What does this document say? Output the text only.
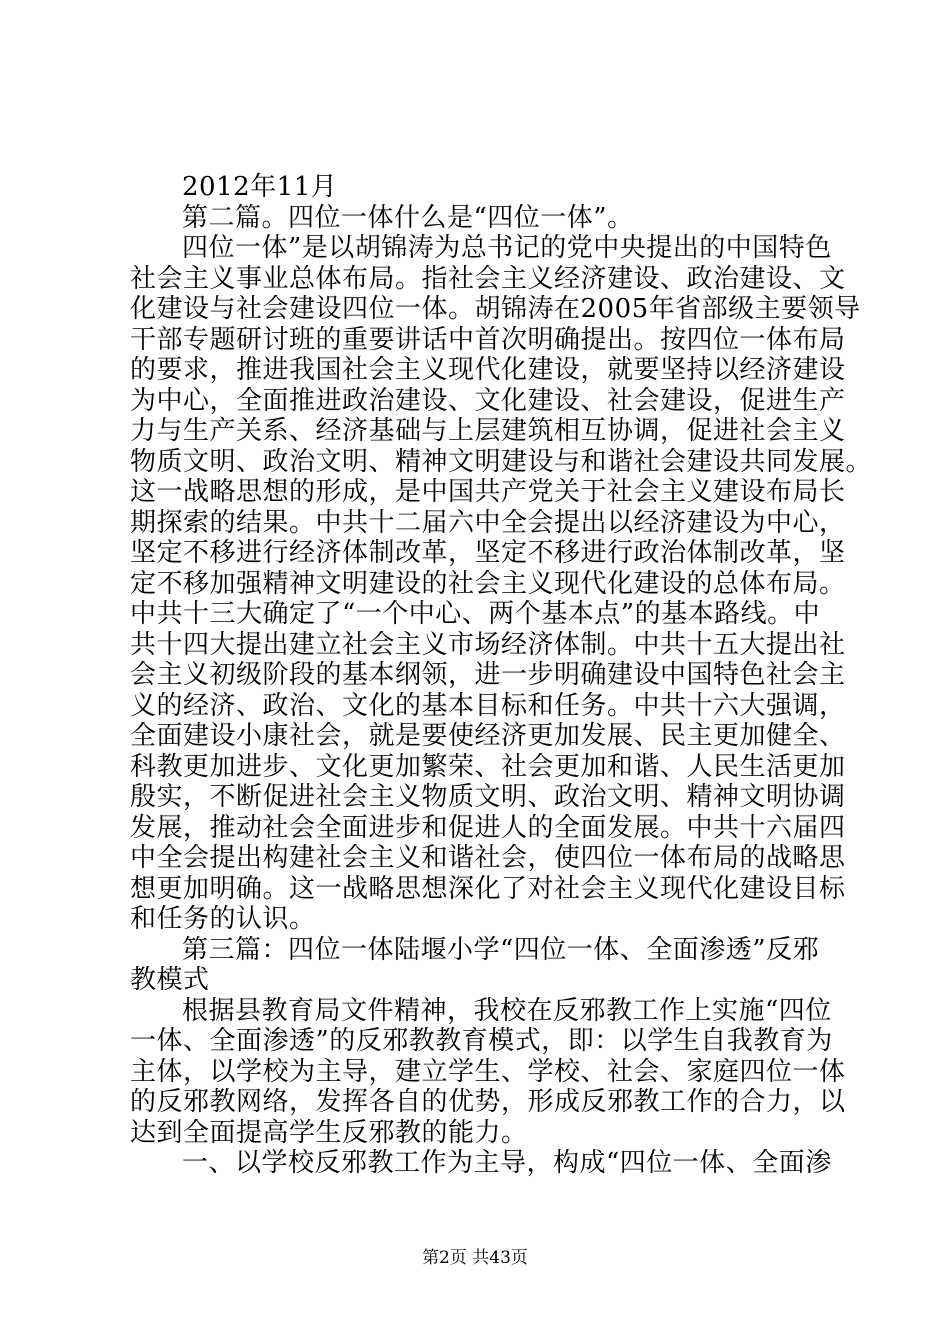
2012年11月
第二篇。四位一体什么是“四位一体”。
四位一体”是以胡锦涛为总书记的党中央提出的中国特色
社会主义事业总体布局。指社会主义经济建设、政治建设、文
化建设与社会建设四位一体。胡锦涛在2005年省部级主要领导
干部专题研讨班的重要讲话中首次明确提出。按四位一体布局
的要求，推进我国社会主义现代化建设，就要坚持以经济建设
为中心，全面推进政治建设、文化建设、社会建设，促进生产
力与生产关系、经济基础与上层建筑相互协调，促进社会主义
物质文明、政治文明、精神文明建设与和谐社会建设共同发展。
这一战略思想的形成，是中国共产党关于社会主义建设布局长
期探索的结果。中共十二届六中全会提出以经济建设为中心，
坚定不移进行经济体制改革，坚定不移进行政治体制改革，坚
定不移加强精神文明建设的社会主义现代化建设的总体布局。
中共十三大确定了“一个中心、两个基本点”的基本路线。中
共十四大提出建立社会主义市场经济体制。中共十五大提出社
会主义初级阶段的基本纲领，进一步明确建设中国特色社会主
义的经济、政治、文化的基本目标和任务。中共十六大强调，
全面建设小康社会，就是要使经济更加发展、民主更加健全、
科教更加进步、文化更加繁荣、社会更加和谐、人民生活更加
殷实，不断促进社会主义物质文明、政治文明、精神文明协调
发展，推动社会全面进步和促进人的全面发展。中共十六届四
中全会提出构建社会主义和谐社会，使四位一体布局的战略思
想更加明确。这一战略思想深化了对社会主义现代化建设目标
和任务的认识。
第三篇：四位一体陆堰小学“四位一体、全面渗透”反邪
教模式
根据县教育局文件精神，我校在反邪教工作上实施“四位
一体、全面渗透”的反邪教教育模式，即：以学生自我教育为
主体，以学校为主导，建立学生、学校、社会、家庭四位一体
的反邪教网络，发挥各自的优势，形成反邪教工作的合力，以
达到全面提高学生反邪教的能力。
一、以学校反邪教工作为主导，构成“四位一体、全面渗
第2页 共43页
